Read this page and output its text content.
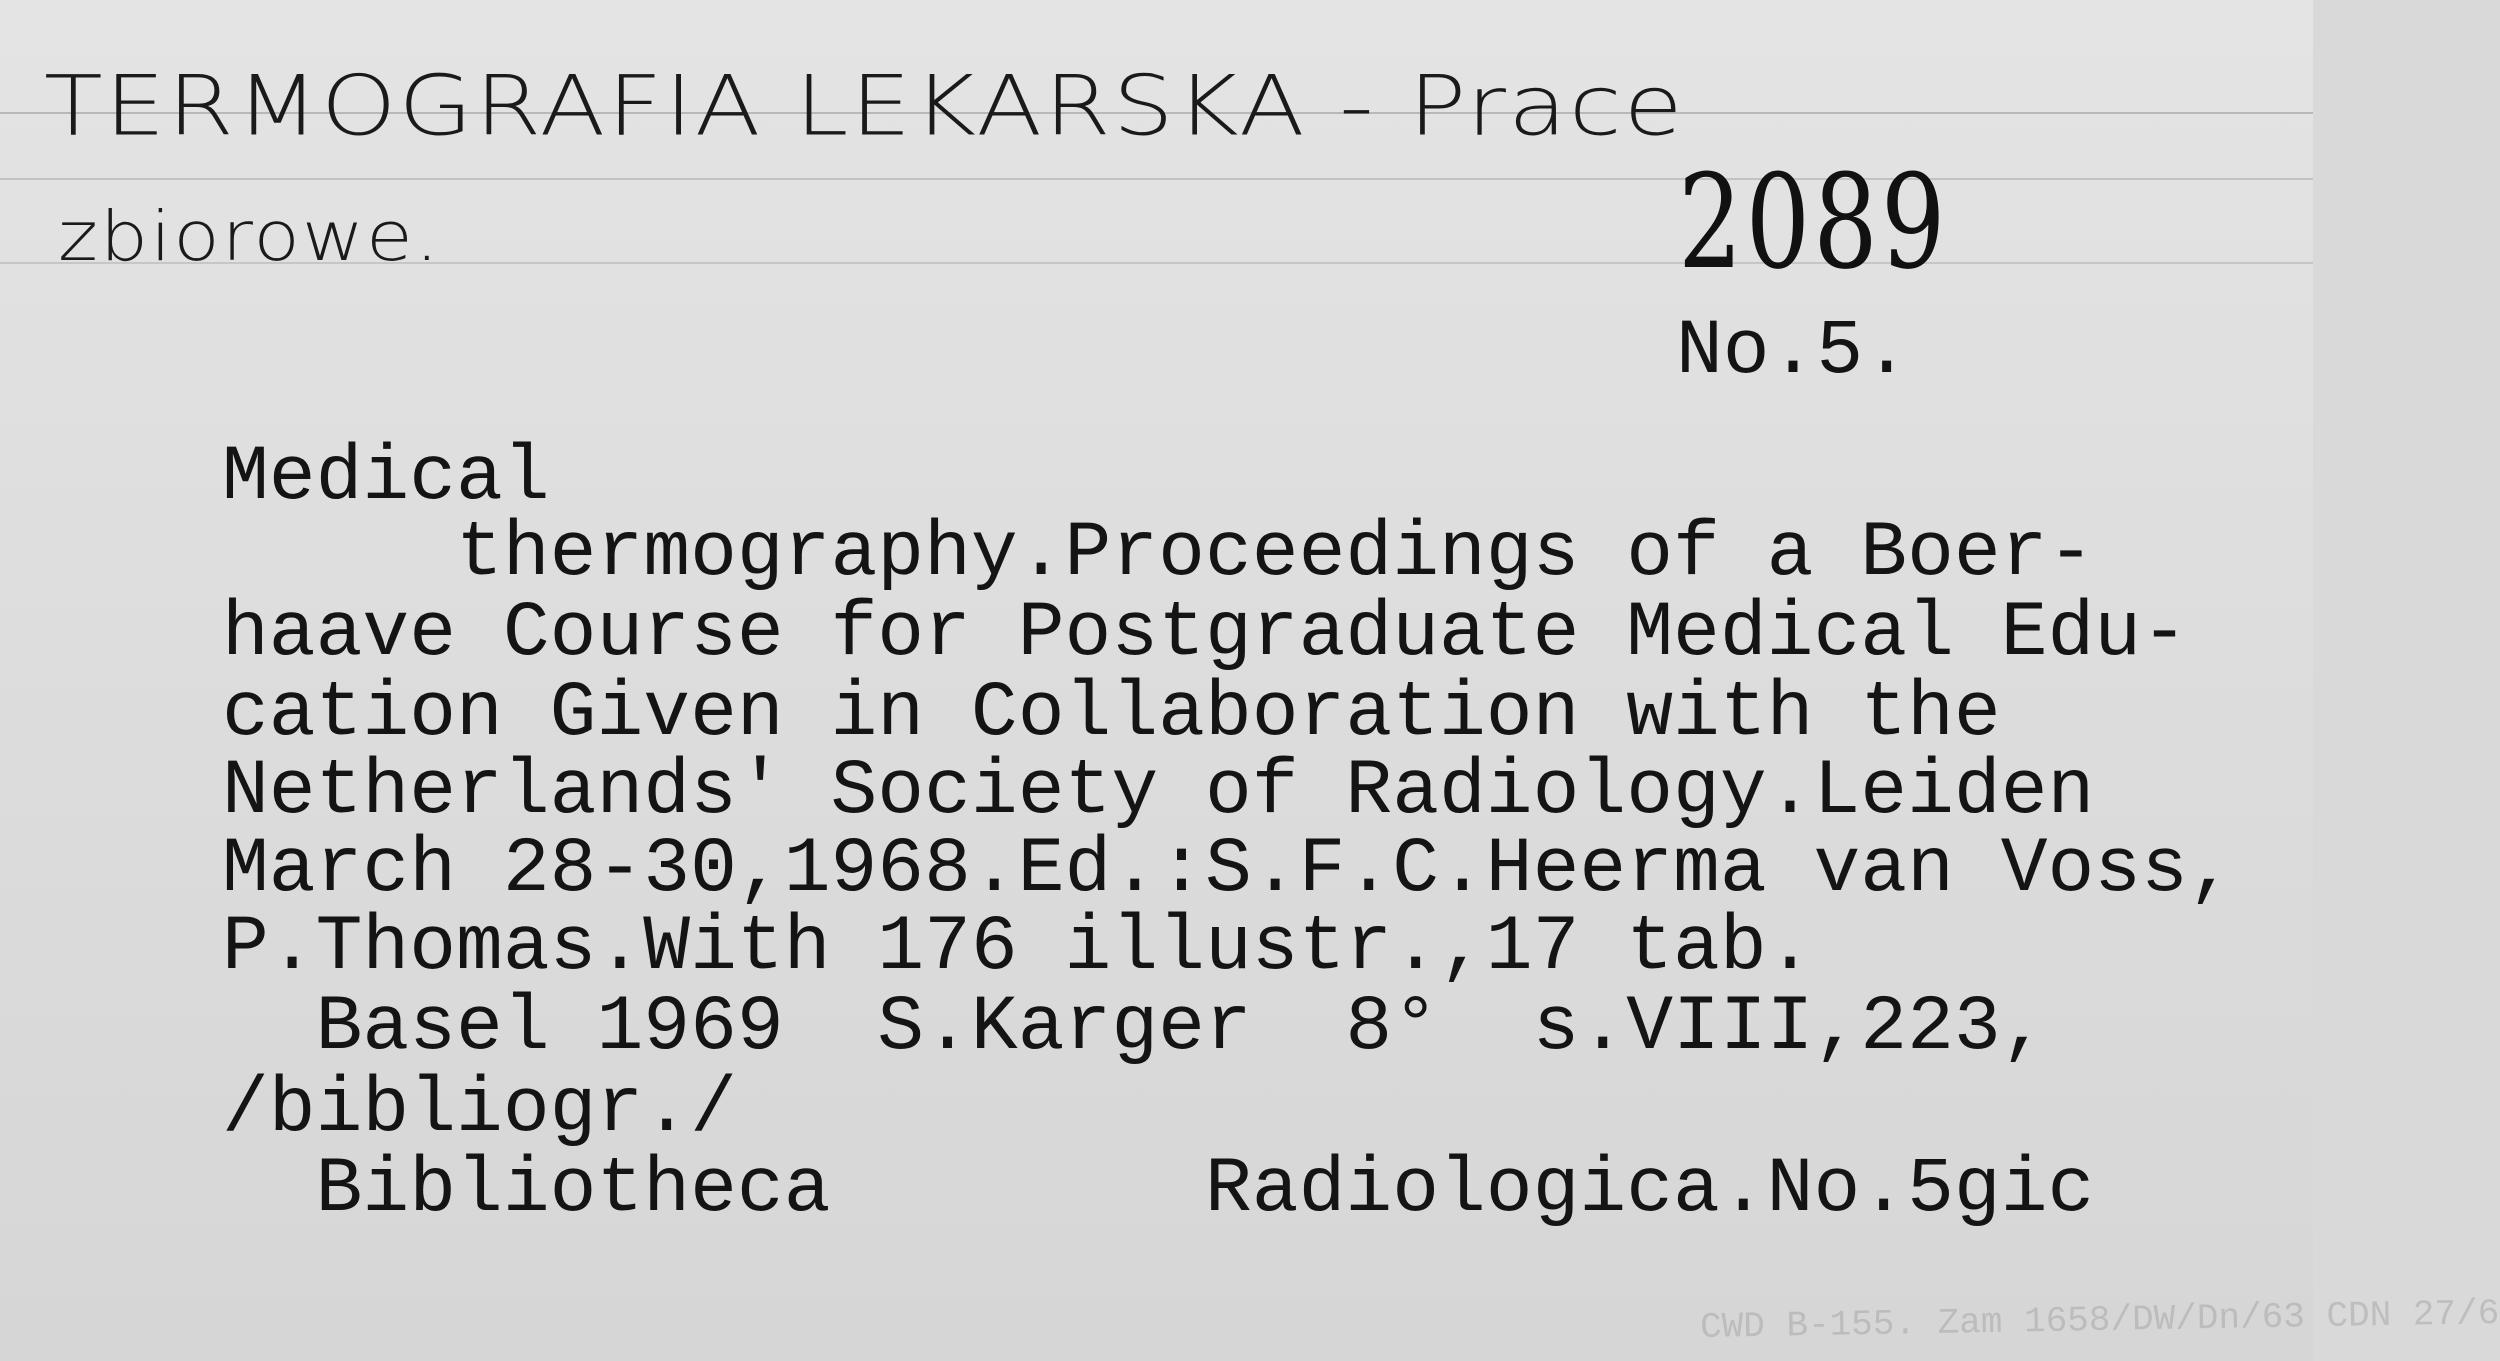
TERMOGRAFIA LEKARSKA - Prace
zbiorowe.	2089
No.5.
Medical
thermography.Proceedings of a Boer-
haave Course for Postgraduate Medical Edu-
cation Given in Collaboration with the
Netherlands' Society of Radiology.Leiden
March 28-30,1968.Ed.:S.F.C.Heerma van Voss,
P.Thomas.With 176 illustr.,17 tab.
Basel 1969  S.Karger  8°  s.VIII,223,
/bibliogr./
Bibliotheca        Radiologica.No.5gic
CWD B-155. Zam 1658/DW/Dn/63 CDN 27/6
